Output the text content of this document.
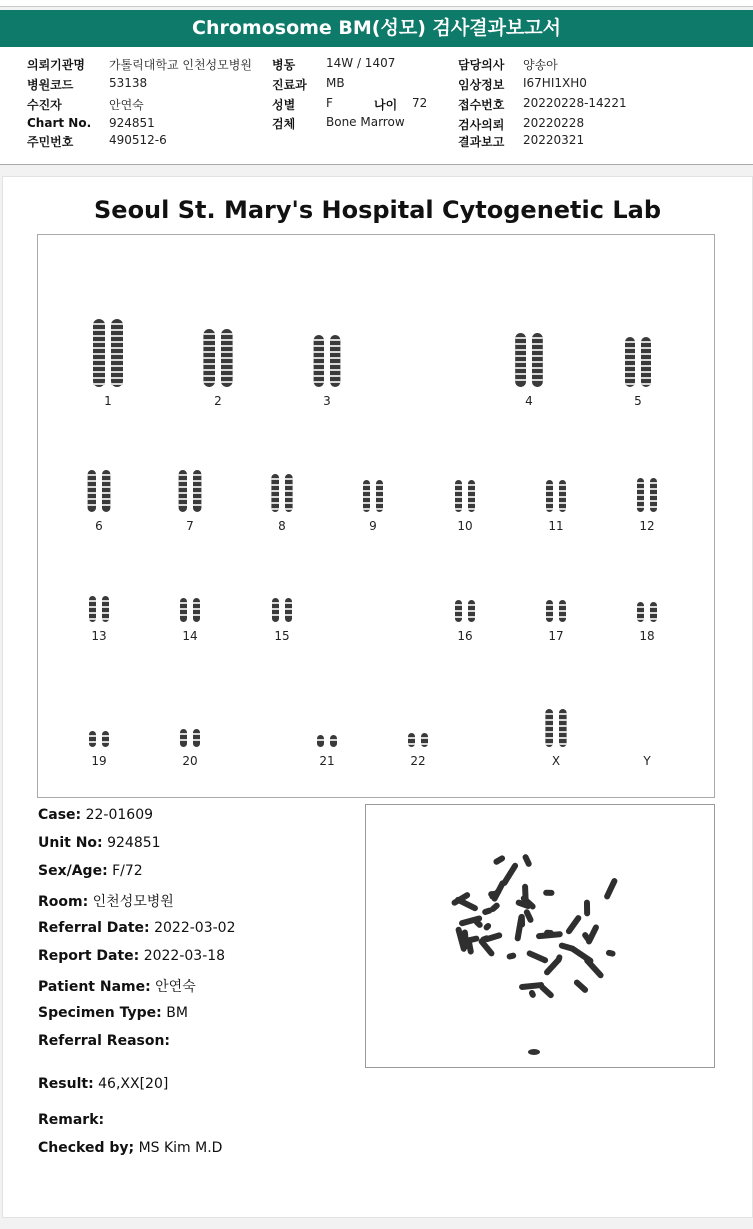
Chromosome BM(성모) 검사결과보고서
의뢰기관명 가톨릭대학교 인천성모병원
병원코드	53138
수진자	안연숙
Chart No. 924851
주민번호	490512-6
병동	14W / 1407
진료과 MB
성별	F	나이 72
검체	Bone Marrow
담당의사 양송아
임상정보 I67HI1XH0
접수번호 20220228-14221
검사의뢰 20220228
결과보고 20220321
Seoul St. Mary's Hospital Cytogenetic Lab
1	2	3	4	5
6	7	8	9	10	11	12
13	14	15	16	17	18
19	20	21	22	X	Y
Case: 22-01609
Unit No: 924851
Sex/Age: F/72
Room: 인천성모병원
Referral Date: 2022-03-02
Report Date: 2022-03-18
Patient Name: 안연숙
Specimen Type: BM
Referral Reason:
Result: 46,XX[20]
Remark:
Checked by; MS Kim M.D
